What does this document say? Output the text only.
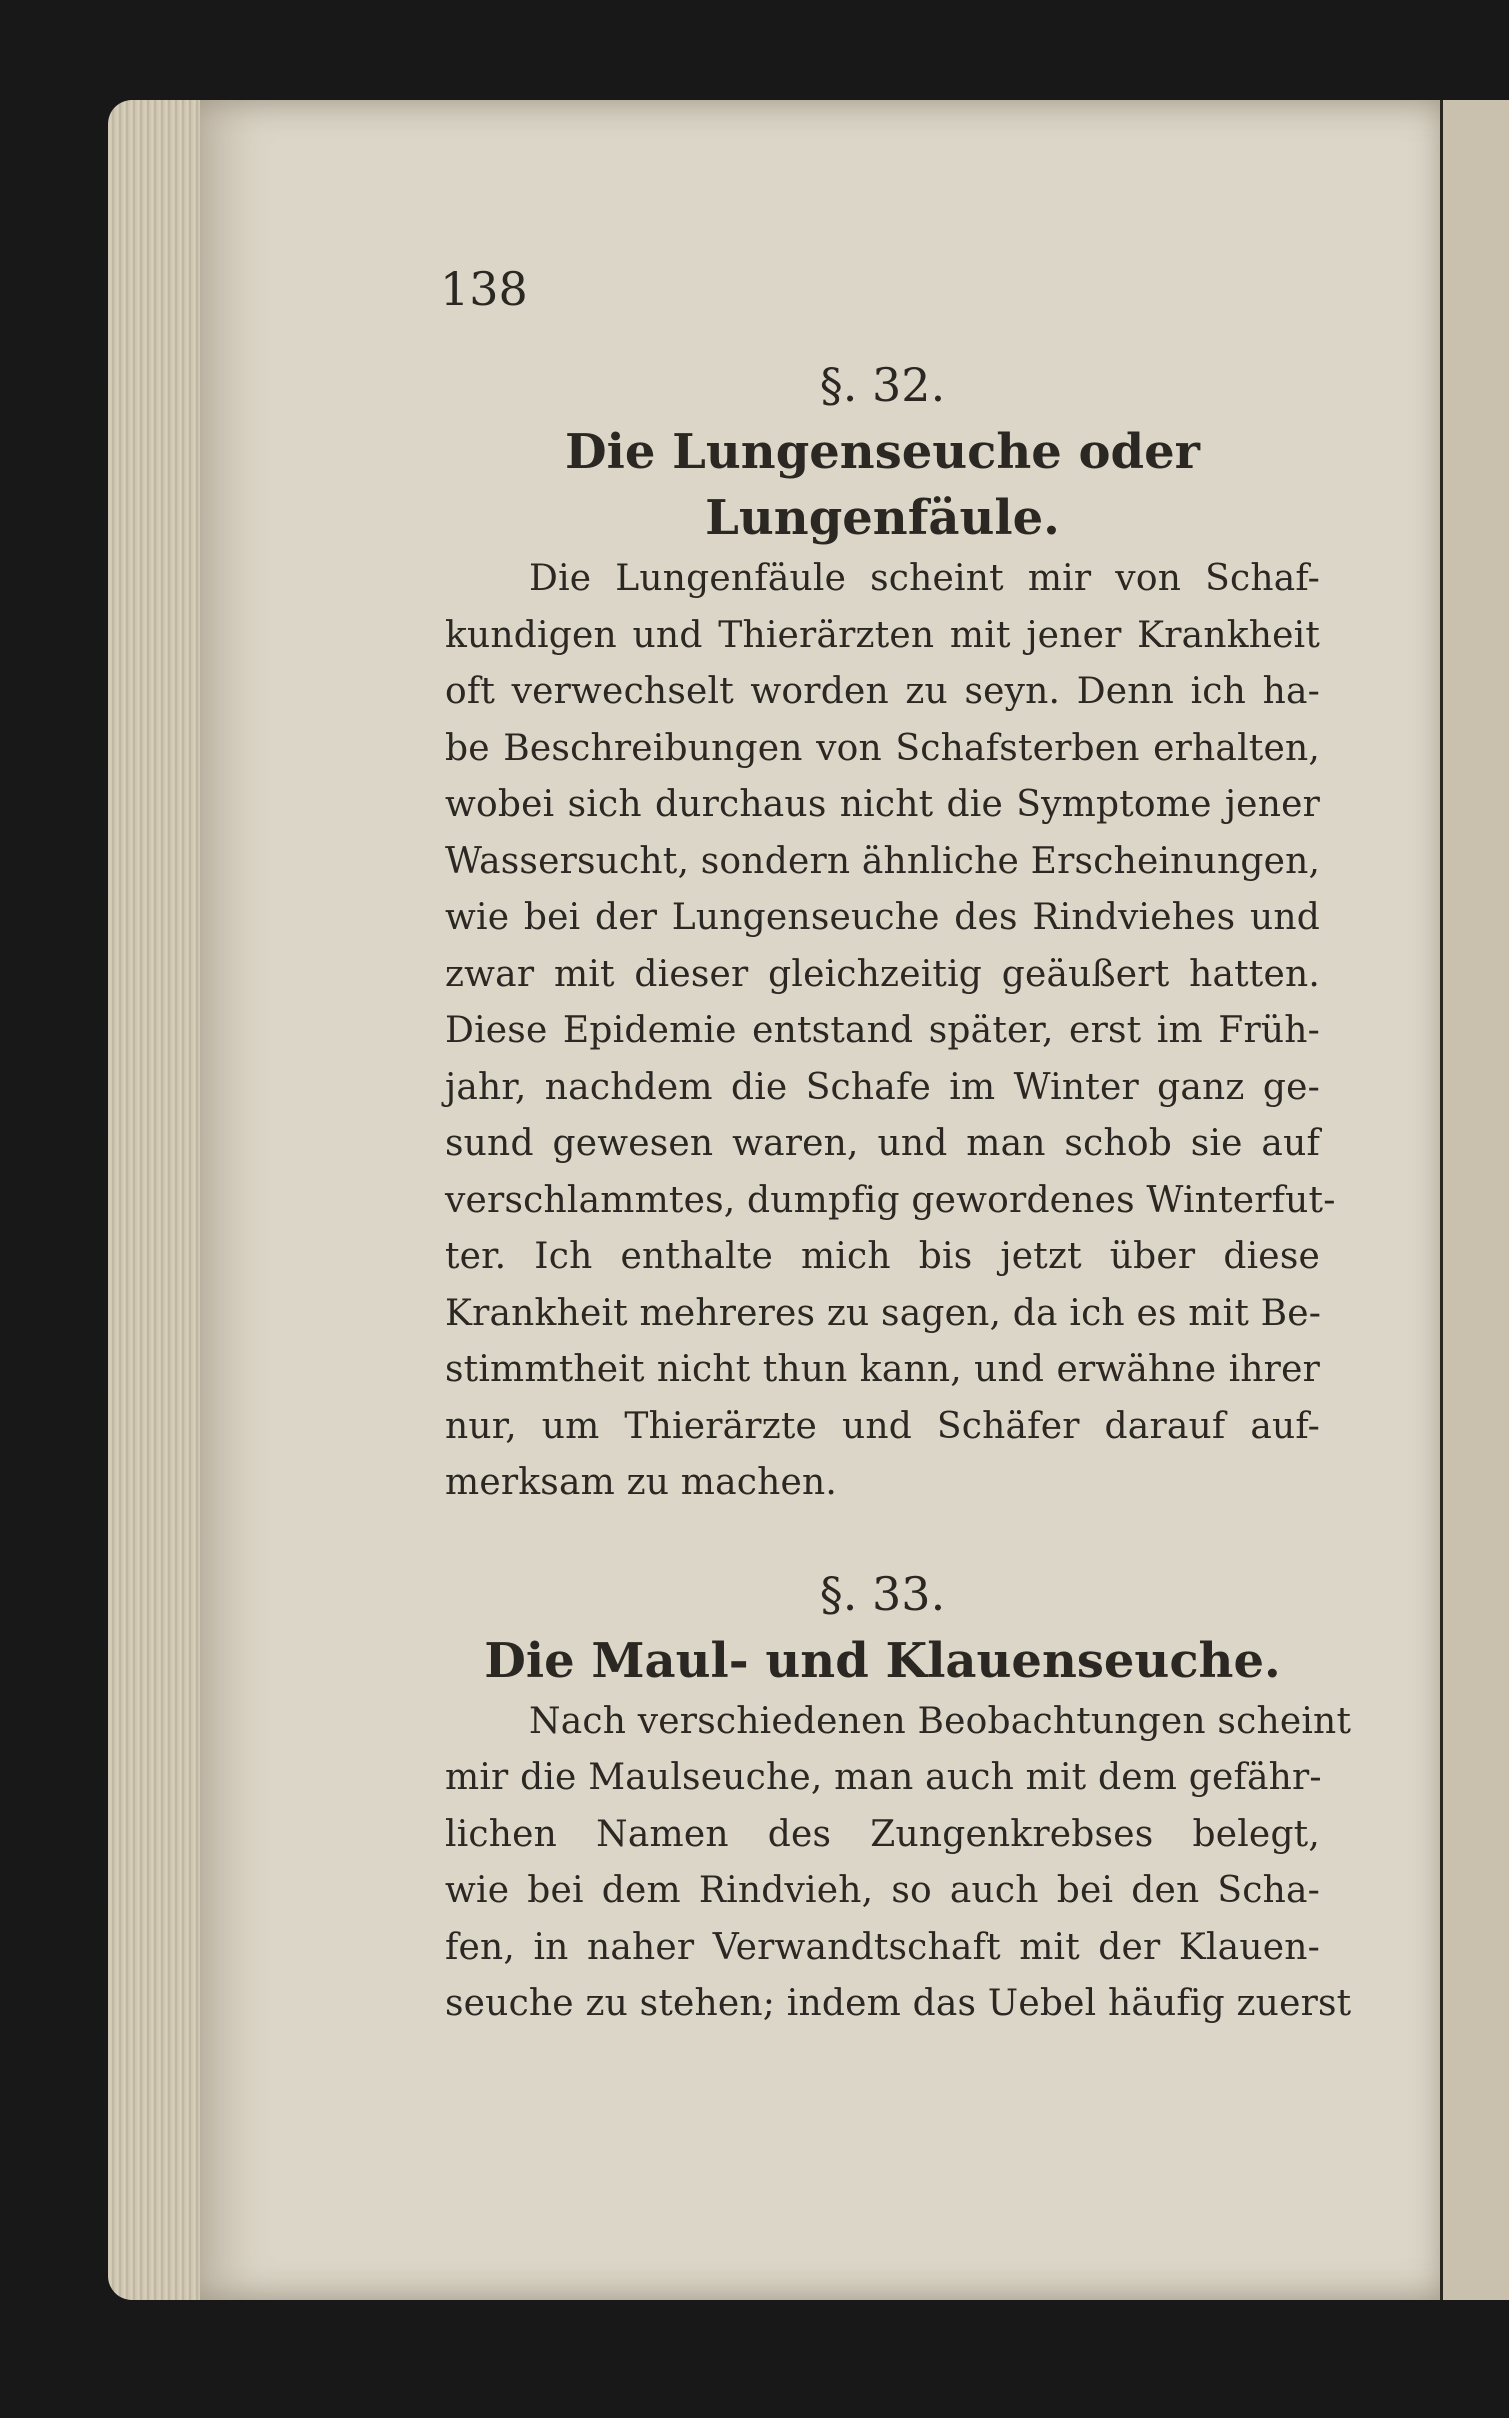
138
§. 32.
Die Lungenseuche oder Lungenfäule.

Die Lungenfäule scheint mir von Schaf-
kundigen und Thierärzten mit jener Krankheit
oft verwechselt worden zu seyn. Denn ich ha-
be Beschreibungen von Schafsterben erhalten,
wobei sich durchaus nicht die Symptome jener
Wassersucht, sondern ähnliche Erscheinungen,
wie bei der Lungenseuche des Rindviehes und
zwar mit dieser gleichzeitig geäußert hatten.
Diese Epidemie entstand später, erst im Früh-
jahr, nachdem die Schafe im Winter ganz ge-
sund gewesen waren, und man schob sie auf
verschlammtes, dumpfig gewordenes Winterfut-
ter. Ich enthalte mich bis jetzt über diese
Krankheit mehreres zu sagen, da ich es mit Be-
stimmtheit nicht thun kann, und erwähne ihrer
nur, um Thierärzte und Schäfer darauf auf-
merksam zu machen.

§. 33.
Die Maul- und Klauenseuche.

Nach verschiedenen Beobachtungen scheint
mir die Maulseuche, man auch mit dem gefähr-
lichen Namen des Zungenkrebses belegt,
wie bei dem Rindvieh, so auch bei den Scha-
fen, in naher Verwandtschaft mit der Klauen-
seuche zu stehen; indem das Uebel häufig zuerst
